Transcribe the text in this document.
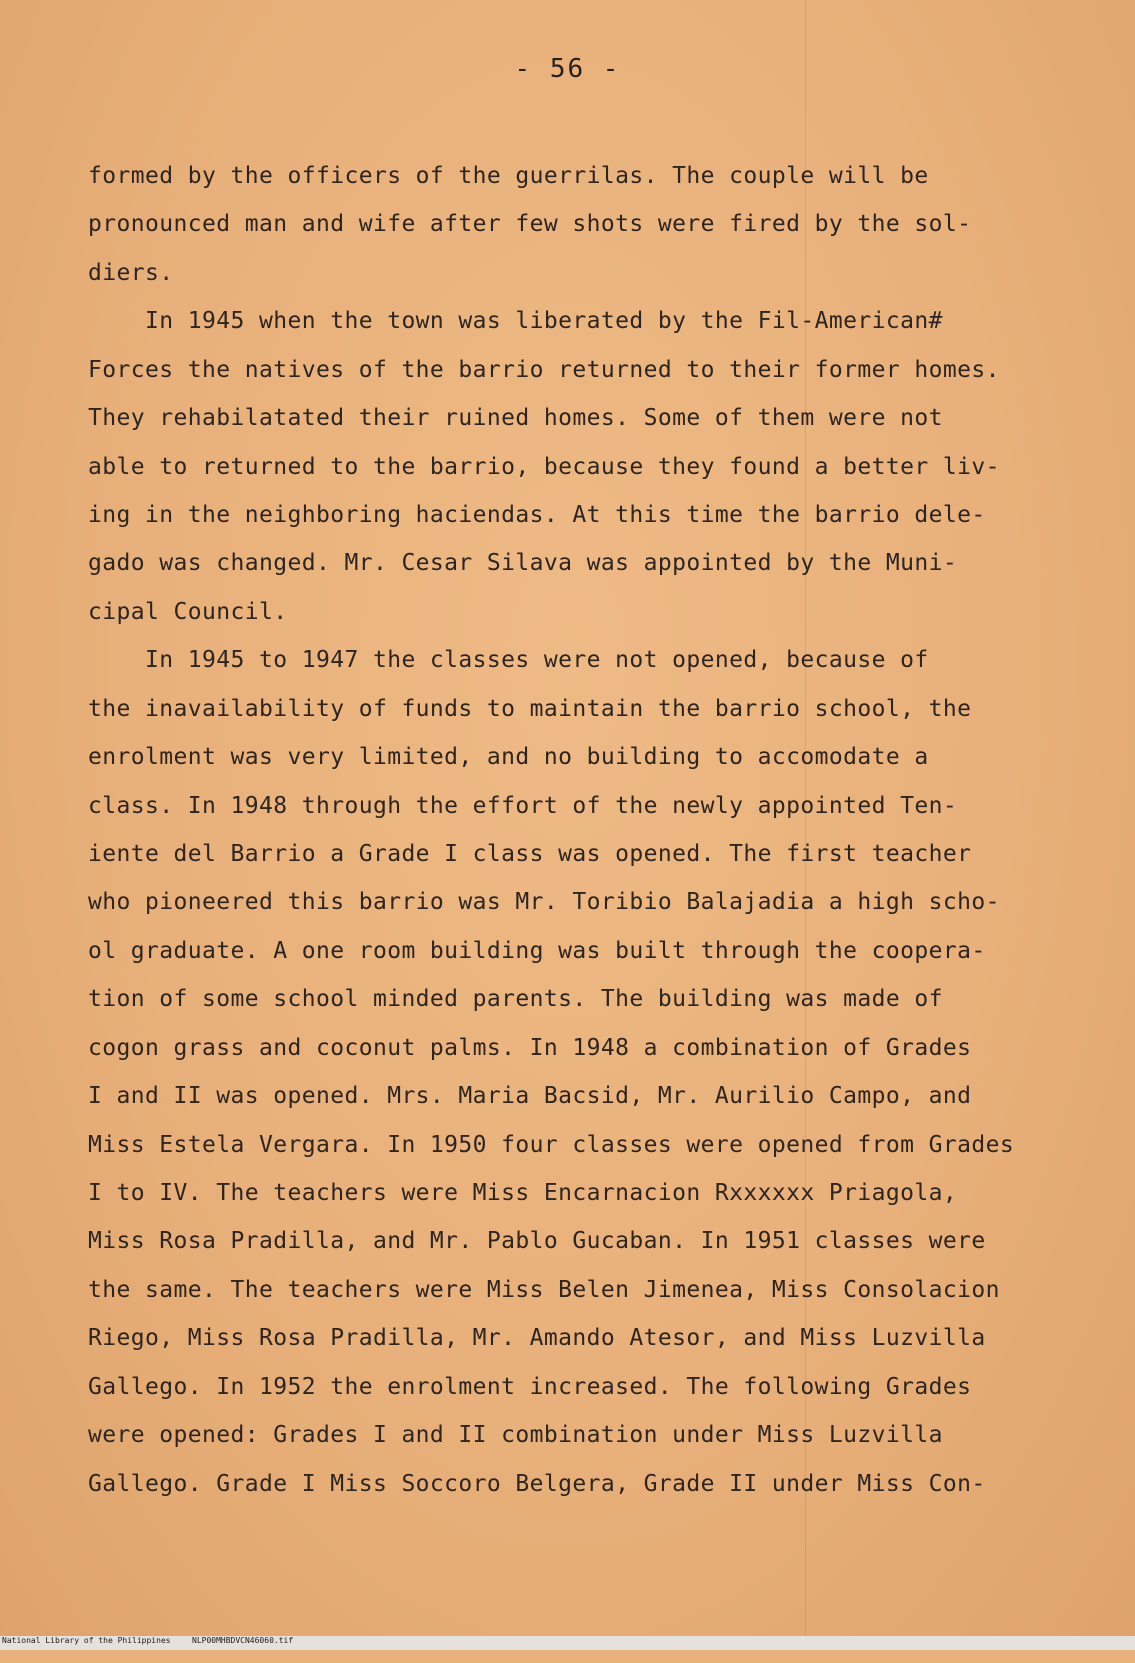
- 56 -
formed by the officers of the guerrilas. The couple will be
pronounced man and wife after few shots were fired by the sol-
diers.
In 1945 when the town was liberated by the Fil-American#
Forces the natives of the barrio returned to their former homes.
They rehabilatated their ruined homes. Some of them were not
able to returned to the barrio, because they found a better liv-
ing in the neighboring haciendas. At this time the barrio dele-
gado was changed. Mr. Cesar Silava was appointed by the Muni-
cipal Council.
In 1945 to 1947 the classes were not opened, because of
the inavailability of funds to maintain the barrio school, the
enrolment was very limited, and no building to accomodate a
class. In 1948 through the effort of the newly appointed Ten-
iente del Barrio a Grade I class was opened. The first teacher
who pioneered this barrio was Mr. Toribio Balajadia a high scho-
ol graduate. A one room building was built through the coopera-
tion of some school minded parents. The building was made of
cogon grass and coconut palms. In 1948 a combination of Grades
I and II was opened. Mrs. Maria Bacsid, Mr. Aurilio Campo, and
Miss Estela Vergara. In 1950 four classes were opened from Grades
I to IV. The teachers were Miss Encarnacion Rxxxxxx Priagola,
Miss Rosa Pradilla, and Mr. Pablo Gucaban. In 1951 classes were
the same. The teachers were Miss Belen Jimenea, Miss Consolacion
Riego, Miss Rosa Pradilla, Mr. Amando Atesor, and Miss Luzvilla
Gallego. In 1952 the enrolment increased. The following Grades
were opened: Grades I and II combination under Miss Luzvilla
Gallego. Grade I Miss Soccoro Belgera, Grade II under Miss Con-

National Library of the Philippines

	NLP00MHBDVCN46060.tif
